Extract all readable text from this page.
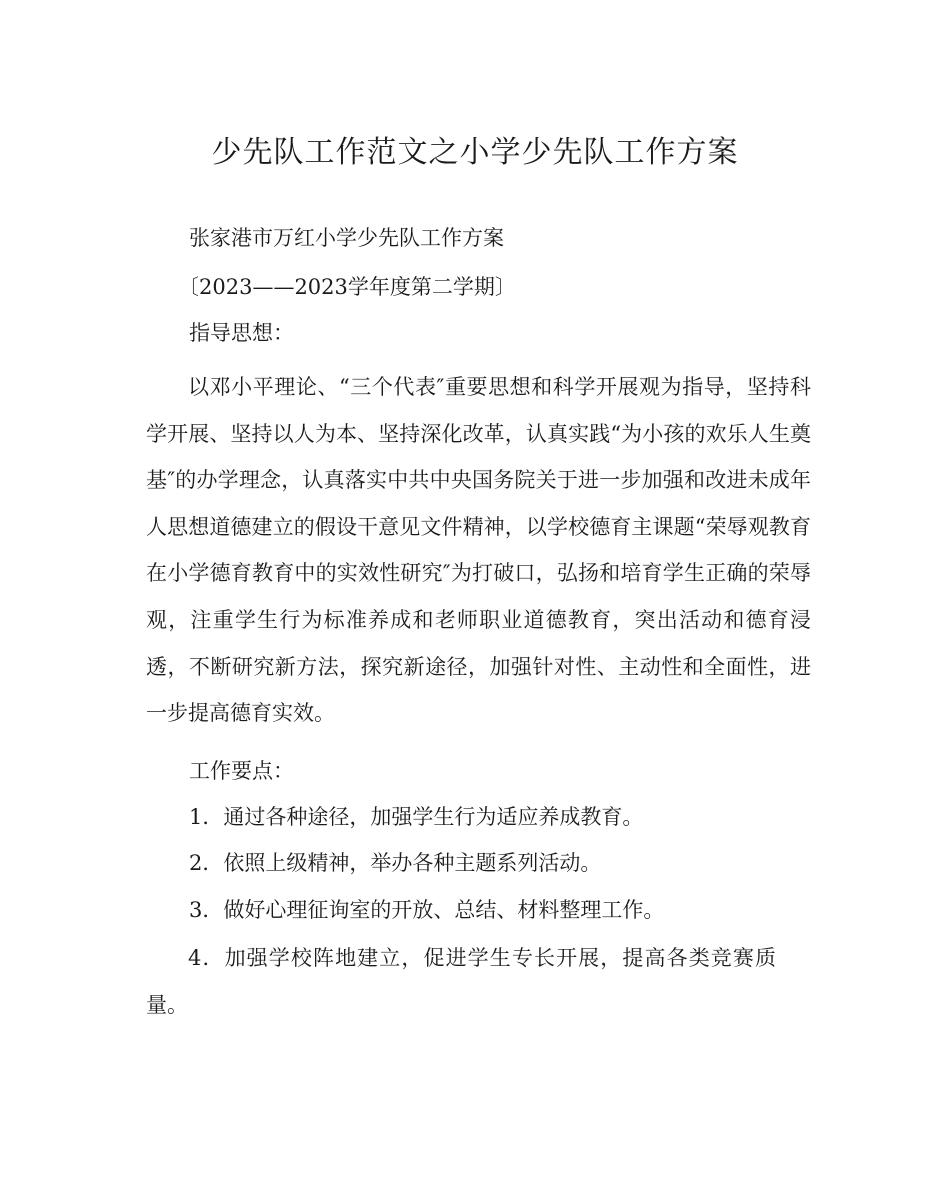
少先队工作范文之小学少先队工作方案
张家港市万红小学少先队工作方案
〔2023——2023学年度第二学期〕
指导思想：
以邓小平理论、“三个代表″重要思想和科学开展观为指导，坚持科学开展、坚持以人为本、坚持深化改革，认真实践“为小孩的欢乐人生奠基″的办学理念，认真落实中共中央国务院关于进一步加强和改进未成年人思想道德建立的假设干意见文件精神，以学校德育主课题“荣辱观教育在小学德育教育中的实效性研究″为打破口，弘扬和培育学生正确的荣辱观，注重学生行为标准养成和老师职业道德教育，突出活动和德育浸透，不断研究新方法，探究新途径，加强针对性、主动性和全面性，进一步提高德育实效。
工作要点：
1．通过各种途径，加强学生行为适应养成教育。
2．依照上级精神，举办各种主题系列活动。
3．做好心理征询室的开放、总结、材料整理工作。
4．加强学校阵地建立，促进学生专长开展，提高各类竞赛质量。
